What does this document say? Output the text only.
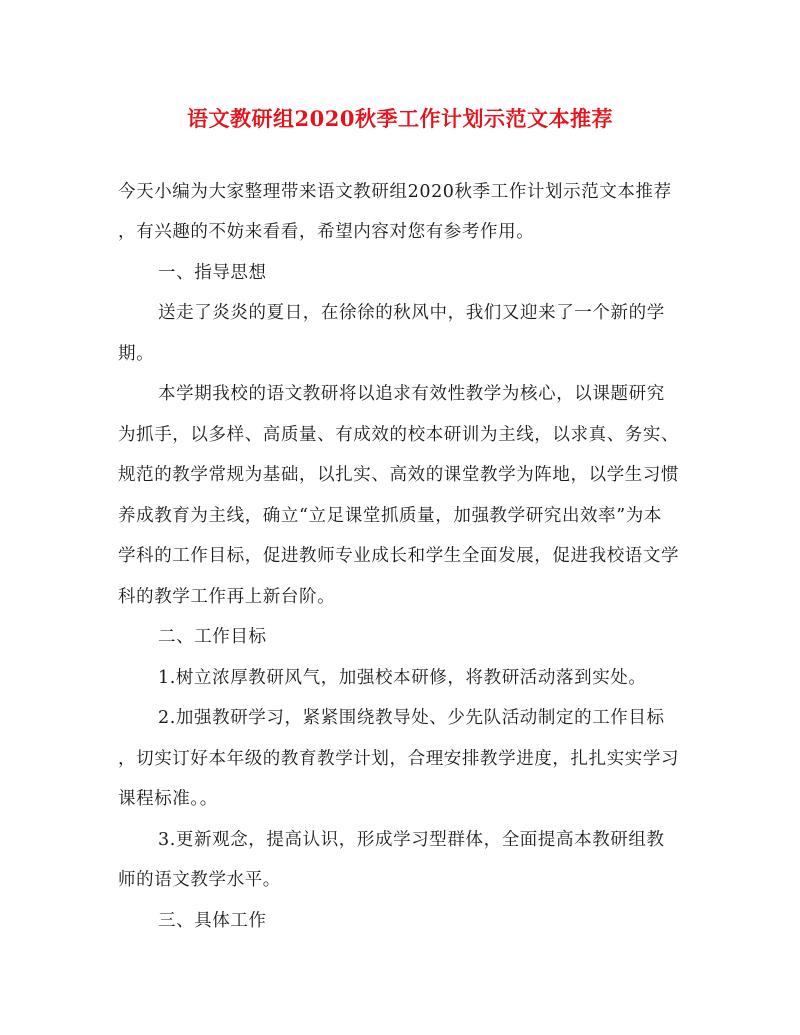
语文教研组2020秋季工作计划示范文本推荐
今天小编为大家整理带来语文教研组2020秋季工作计划示范文本推荐
，有兴趣的不妨来看看，希望内容对您有参考作用。
一、指导思想
送走了炎炎的夏日，在徐徐的秋风中，我们又迎来了一个新的学
期。
本学期我校的语文教研将以追求有效性教学为核心，以课题研究
为抓手，以多样、高质量、有成效的校本研训为主线，以求真、务实、
规范的教学常规为基础，以扎实、高效的课堂教学为阵地，以学生习惯
养成教育为主线，确立“立足课堂抓质量，加强教学研究出效率”为本
学科的工作目标，促进教师专业成长和学生全面发展，促进我校语文学
科的教学工作再上新台阶。
二、工作目标
1.树立浓厚教研风气，加强校本研修，将教研活动落到实处。
2.加强教研学习，紧紧围绕教导处、少先队活动制定的工作目标
，切实订好本年级的教育教学计划，合理安排教学进度，扎扎实实学习
课程标准。。
3.更新观念，提高认识，形成学习型群体，全面提高本教研组教
师的语文教学水平。
三、具体工作
